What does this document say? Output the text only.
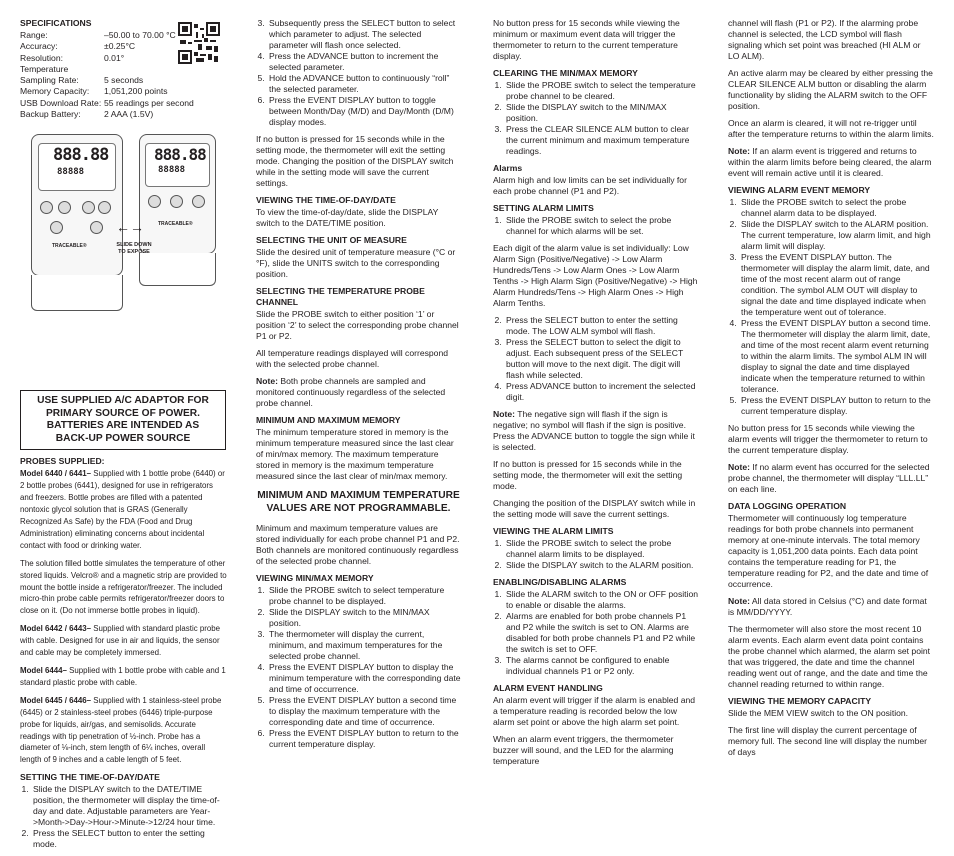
SPECIFICATIONS
Range:	–50.00 to 70.00 °C
Accuracy:	±0.25°C
Resolution:	0.01°
Temperature	
Sampling Rate:	5 seconds
Memory Capacity:	1,051,200 points
USB Download Rate:	55 readings per second
Backup Battery:	2 AAA (1.5V)
888.88
88888
TRACEABLE®
888.88
88888
TRACEABLE®
←→
SLIDE DOWN TO EXPOSE
USE SUPPLIED A/C ADAPTOR FOR PRIMARY SOURCE OF POWER. BATTERIES ARE INTENDED AS BACK-UP POWER SOURCE
PROBES SUPPLIED:

Model 6440 / 6441– Supplied with 1 bottle probe (6440) or 2 bottle probes (6441), designed for use in refrigerators and freezers. Bottle probes are filled with a patented nontoxic glycol solution that is GRAS (Generally Recognized As Safe) by the FDA (Food and Drug Administration) eliminating concerns about incidental contact with food or drinking water.

The solution filled bottle simulates the temperature of other stored liquids. Velcro® and a magnetic strip are provided to mount the bottle inside a refrigerator/freezer. The included micro-thin probe cable permits refrigerator/freezer doors to close on it. (Do not immerse bottle probes in liquid).

Model 6442 / 6443– Supplied with standard plastic probe with cable. Designed for use in air and liquids, the sensor and cable may be completely immersed.

Model 6444– Supplied with 1 bottle probe with cable and 1 standard plastic probe with cable.

Model 6445 / 6446– Supplied with 1 stainless-steel probe (6445) or 2 stainless-steel probes (6446) triple-purpose probe for liquids, air/gas, and semisolids. Accurate readings with tip penetration of ½-inch. Probe has a diameter of ⅛-inch, stem length of 6¼ inches, overall length of 9 inches and a cable length of 5 feet.

SETTING THE TIME-OF-DAY/DATE
1. Slide the DISPLAY switch to the DATE/TIME position, the thermometer will display the time-of-day and date. Adjustable parameters are Year->Month->Day->Hour->Minute->12/24 hour time.
2. Press the SELECT button to enter the setting mode.
3. Subsequently press the SELECT button to select which parameter to adjust. The selected parameter will flash once selected.
4. Press the ADVANCE button to increment the selected parameter.
5. Hold the ADVANCE button to continuously “roll” the selected parameter.
6. Press the EVENT DISPLAY button to toggle between Month/Day (M/D) and Day/Month (D/M) display modes.

If no button is pressed for 15 seconds while in the setting mode, the thermometer will exit the setting mode. Changing the position of the DISPLAY switch while in the setting mode will save the current settings.

VIEWING THE TIME-OF-DAY/DATE

To view the time-of-day/date, slide the DISPLAY switch to the DATE/TIME position.

SELECTING THE UNIT OF MEASURE

Slide the desired unit of temperature measure (°C or °F), slide the UNITS switch to the corresponding position.

SELECTING THE TEMPERATURE PROBE CHANNEL

Slide the PROBE switch to either position ‘1’ or position ‘2’ to select the corresponding probe channel P1 or P2.

All temperature readings displayed will correspond with the selected probe channel.

Note: Both probe channels are sampled and monitored continuously regardless of the selected probe channel.

MINIMUM AND MAXIMUM MEMORY

The minimum temperature stored in memory is the minimum temperature measured since the last clear of min/max memory. The maximum temperature stored in memory is the maximum temperature measured since the last clear of min/max memory.

MINIMUM AND MAXIMUM TEMPERATURE VALUES ARE NOT PROGRAMMABLE.

Minimum and maximum temperature values are stored individually for each probe channel P1 and P2. Both channels are monitored continuously regardless of the selected probe channel.

VIEWING MIN/MAX MEMORY
1. Slide the PROBE switch to select temperature probe channel to be displayed.
2. Slide the DISPLAY switch to the MIN/MAX position.
3. The thermometer will display the current, minimum, and maximum temperatures for the selected probe channel.
4. Press the EVENT DISPLAY button to display the minimum temperature with the corresponding date and time of occurrence.
5. Press the EVENT DISPLAY button a second time to display the maximum temperature with the corresponding date and time of occurrence.
6. Press the EVENT DISPLAY button to return to the current temperature display.

No button press for 15 seconds while viewing the minimum or maximum event data will trigger the thermometer to return to the current temperature display.

CLEARING THE MIN/MAX MEMORY
1. Slide the PROBE switch to select the temperature probe channel to be cleared.
2. Slide the DISPLAY switch to the MIN/MAX position.
3. Press the CLEAR SILENCE ALM button to clear the current minimum and maximum temperature readings.
Alarms

Alarm high and low limits can be set individually for each probe channel (P1 and P2).

SETTING ALARM LIMITS
1. Slide the PROBE switch to select the probe channel for which alarms will be set.

Each digit of the alarm value is set individually: Low Alarm Sign (Positive/Negative) -> Low Alarm Hundreds/Tens -> Low Alarm Ones -> Low Alarm Tenths -> High Alarm Sign (Positive/Negative) -> High Alarm Hundreds/Tens -> High Alarm Ones -> High Alarm Tenths.

2. Press the SELECT button to enter the setting mode. The LOW ALM symbol will flash.
3. Press the SELECT button to select the digit to adjust. Each subsequent press of the SELECT button will move to the next digit. The digit will flash while selected.
4. Press ADVANCE button to increment the selected digit.

Note: The negative sign will flash if the sign is negative; no symbol will flash if the sign is positive. Press the ADVANCE button to toggle the sign while it is selected.

If no button is pressed for 15 seconds while in the setting mode, the thermometer will exit the setting mode.

Changing the position of the DISPLAY switch while in the setting mode will save the current settings.

VIEWING THE ALARM LIMITS
1. Slide the PROBE switch to select the probe channel alarm limits to be displayed.
2. Slide the DISPLAY switch to the ALARM position.
ENABLING/DISABLING ALARMS
1. Slide the ALARM switch to the ON or OFF position to enable or disable the alarms.
2. Alarms are enabled for both probe channels P1 and P2 while the switch is set to ON. Alarms are disabled for both probe channels P1 and P2 while the switch is set to OFF.
3. The alarms cannot be configured to enable individual channels P1 or P2 only.
ALARM EVENT HANDLING

An alarm event will trigger if the alarm is enabled and a temperature reading is recorded below the low alarm set point or above the high alarm set point.

When an alarm event triggers, the thermometer buzzer will sound, and the LED for the alarming temperature

channel will flash (P1 or P2). If the alarming probe channel is selected, the LCD symbol will flash signaling which set point was breached (HI ALM or LO ALM).

An active alarm may be cleared by either pressing the CLEAR SILENCE ALM button or disabling the alarm functionality by sliding the ALARM switch to the OFF position.

Once an alarm is cleared, it will not re-trigger until after the temperature returns to within the alarm limits.

Note: If an alarm event is triggered and returns to within the alarm limits before being cleared, the alarm event will remain active until it is cleared.

VIEWING ALARM EVENT MEMORY
1. Slide the PROBE switch to select the probe channel alarm data to be displayed.
2. Slide the DISPLAY switch to the ALARM position. The current temperature, low alarm limit, and high alarm limit will display.
3. Press the EVENT DISPLAY button. The thermometer will display the alarm limit, date, and time of the most recent alarm out of range condition. The symbol ALM OUT will display to signal the date and time displayed indicate when the temperature went out of tolerance.
4. Press the EVENT DISPLAY button a second time. The thermometer will display the alarm limit, date, and time of the most recent alarm event returning to within the alarm limits. The symbol ALM IN will display to signal the date and time displayed indicate when the temperature returned to within tolerance.
5. Press the EVENT DISPLAY button to return to the current temperature display.

No button press for 15 seconds while viewing the alarm events will trigger the thermometer to return to the current temperature display.

Note: If no alarm event has occurred for the selected probe channel, the thermometer will display “LLL.LL” on each line.

DATA LOGGING OPERATION

Thermometer will continuously log temperature readings for both probe channels into permanent memory at one-minute intervals. The total memory capacity is 1,051,200 data points. Each data point contains the temperature reading for P1, the temperature reading for P2, and the date and time of occurrence.

Note: All data stored in Celsius (°C) and date format is MM/DD/YYYY.

The thermometer will also store the most recent 10 alarm events. Each alarm event data point contains the probe channel which alarmed, the alarm set point that was triggered, the date and time the channel reading went out of range, and the date and time the channel reading returned to within range.

VIEWING THE MEMORY CAPACITY

Slide the MEM VIEW switch to the ON position.

The first line will display the current percentage of memory full. The second line will display the number of days
